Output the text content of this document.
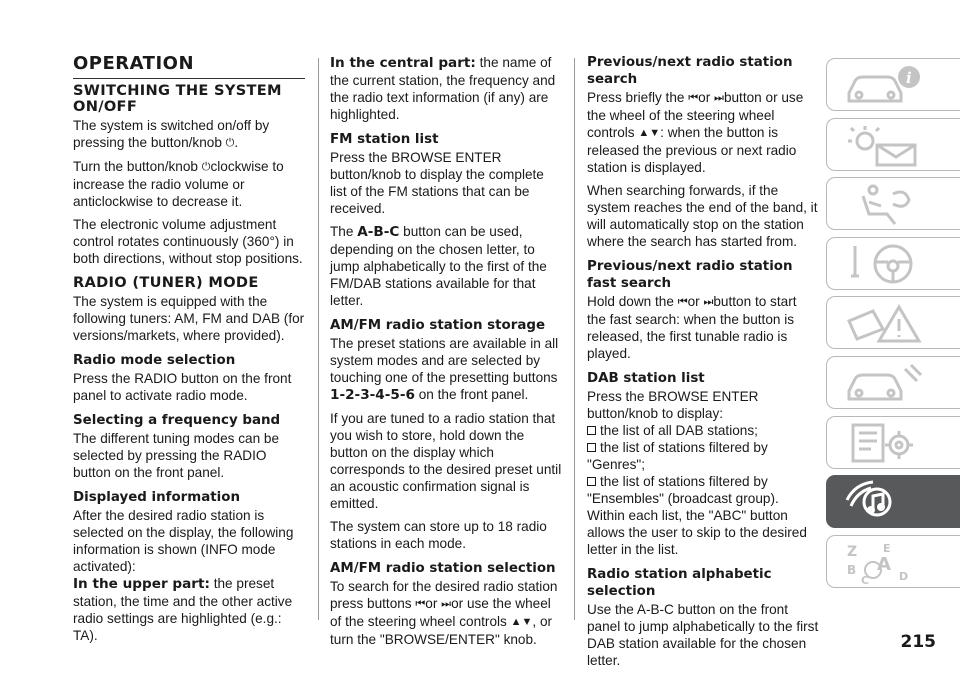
OPERATION
SWITCHING THE SYSTEM ON/OFF

The system is switched on/off by pressing the button/knob ⏻.

Turn the button/knob ⏻clockwise to increase the radio volume or anticlockwise to decrease it.

The electronic volume adjustment control rotates continuously (360°) in both directions, without stop positions.

RADIO (TUNER) MODE

The system is equipped with the following tuners: AM, FM and DAB (for versions/markets, where provided).

Radio mode selection

Press the RADIO button on the front panel to activate radio mode.

Selecting a frequency band

The different tuning modes can be selected by pressing the RADIO button on the front panel.

Displayed information

After the desired radio station is selected on the display, the following information is shown (INFO mode activated):

In the upper part: the preset station, the time and the other active radio settings are highlighted (e.g.: TA).

In the central part: the name of the current station, the frequency and the radio text information (if any) are highlighted.

FM station list

Press the BROWSE ENTER button/knob to display the complete list of the FM stations that can be received.

The A-B-C button can be used, depending on the chosen letter, to jump alphabetically to the first of the FM/DAB stations available for that letter.

AM/FM radio station storage

The preset stations are available in all system modes and are selected by touching one of the presetting buttons 1-2-3-4-5-6 on the front panel.

If you are tuned to a radio station that you wish to store, hold down the button on the display which corresponds to the desired preset until an acoustic confirmation signal is emitted.

The system can store up to 18 radio stations in each mode.

AM/FM radio station selection

To search for the desired radio station press buttons ⏮or ⏭or use the wheel of the steering wheel controls ▲▼, or turn the "BROWSE/ENTER" knob.

Previous/next radio station search

Press briefly the ⏮or ⏭button or use the wheel of the steering wheel controls ▲▼: when the button is released the previous or next radio station is displayed.

When searching forwards, if the system reaches the end of the band, it will automatically stop on the station where the search has started from.

Previous/next radio station fast search

Hold down the ⏮or ⏭button to start the fast search: when the button is released, the first tunable radio is played.

DAB station list

Press the BROWSE ENTER button/knob to display:

the list of all DAB stations;
the list of stations filtered by "Genres";
the list of stations filtered by "Ensembles" (broadcast group). Within each list, the "ABC" button allows the user to skip to the desired letter in the list.
Radio station alphabetic selection

Use the A-B-C button on the front panel to jump alphabetically to the first DAB station available for the chosen letter.

i
Z E
B A
C	D
215
